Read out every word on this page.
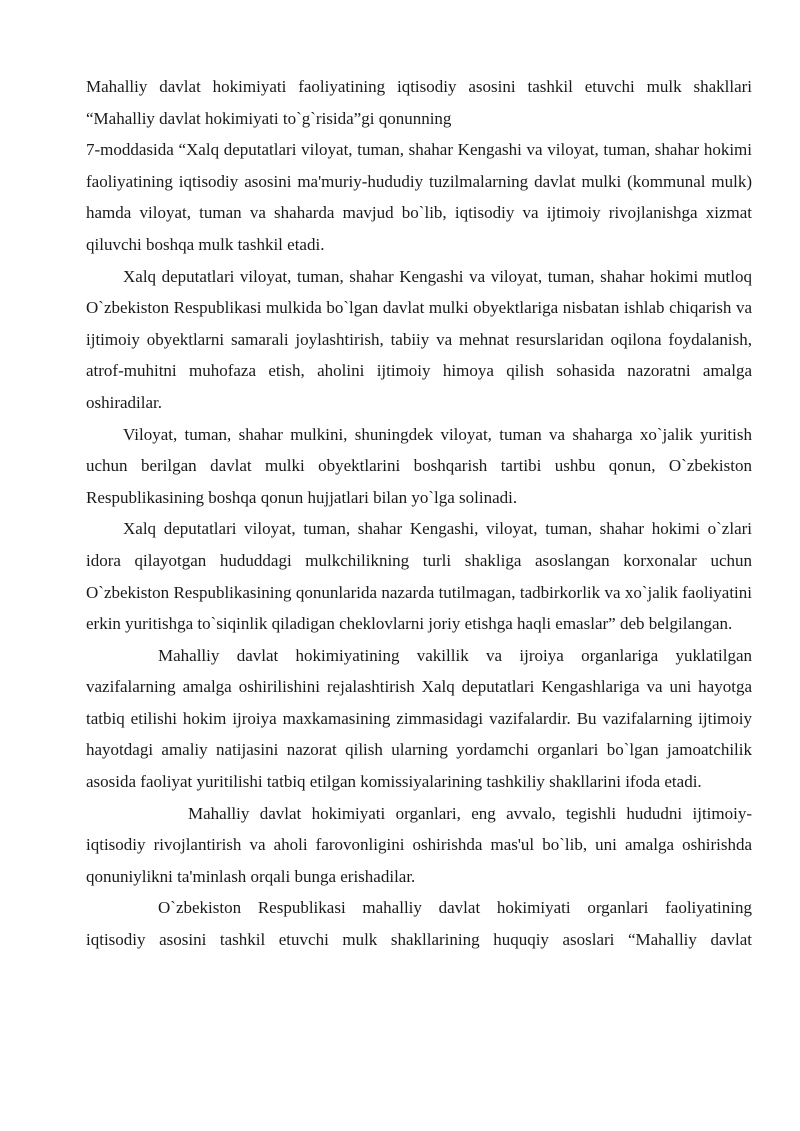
Mahalliy davlat hokimiyati faoliyatining iqtisodiy asosini tashkil etuvchi mulk shakllari
“Mahalliy davlat hokimiyati to`g`risida”gi qonunning

7-moddasida “Xalq deputatlari viloyat, tuman, shahar Kengashi va viloyat, tuman, shahar hokimi faoliyatining iqtisodiy asosini ma'muriy-hududiy tuzilmalarning davlat mulki (kommunal mulk) hamda viloyat, tuman va shaharda mavjud bo`lib, iqtisodiy va ijtimoiy rivojlanishga xizmat qiluvchi boshqa mulk tashkil etadi.

Xalq deputatlari viloyat, tuman, shahar Kengashi va viloyat, tuman, shahar hokimi mutloq O`zbekiston Respublikasi mulkida bo`lgan davlat mulki obyektlariga nisbatan ishlab chiqarish va ijtimoiy obyektlarni samarali joylashtirish, tabiiy va mehnat resurslaridan oqilona foydalanish, atrof-muhitni muhofaza etish, aholini ijtimoiy himoya qilish sohasida nazoratni amalga oshiradilar.

Viloyat, tuman, shahar mulkini, shuningdek viloyat, tuman va shaharga xo`jalik yuritish uchun berilgan davlat mulki obyektlarini boshqarish tartibi ushbu qonun, O`zbekiston Respublikasining boshqa qonun hujjatlari bilan yo`lga solinadi.

Xalq deputatlari viloyat, tuman, shahar Kengashi, viloyat, tuman, shahar hokimi o`zlari idora qilayotgan hududdagi mulkchilikning turli shakliga asoslangan korxonalar uchun O`zbekiston Respublikasining qonunlarida nazarda tutilmagan, tadbirkorlik va xo`jalik faoliyatini erkin yuritishga to`siqinlik qiladigan cheklovlarni joriy etishga haqli emaslar” deb belgilangan.

Mahalliy davlat hokimiyatining vakillik va ijroiya organlariga yuklatilgan vazifalarning amalga oshirilishini rejalashtirish Xalq deputatlari Kengashlariga va uni hayotga tatbiq etilishi hokim ijroiya maxkamasining zimmasidagi vazifalardir. Bu vazifalarning ijtimoiy hayotdagi amaliy natijasini nazorat qilish ularning yordamchi organlari bo`lgan jamoatchilik asosida faoliyat yuritilishi tatbiq etilgan komissiyalarining tashkiliy shakllarini ifoda etadi.

Mahalliy davlat hokimiyati organlari, eng avvalo, tegishli hududni ijtimoiy-iqtisodiy rivojlantirish va aholi farovonligini oshirishda mas'ul bo`lib, uni amalga oshirishda qonuniylikni ta'minlash orqali bunga erishadilar.

O`zbekiston Respublikasi mahalliy davlat hokimiyati organlari faoliyatining
iqtisodiy asosini tashkil etuvchi mulk shakllarining huquqiy asoslari “Mahalliy davlat
